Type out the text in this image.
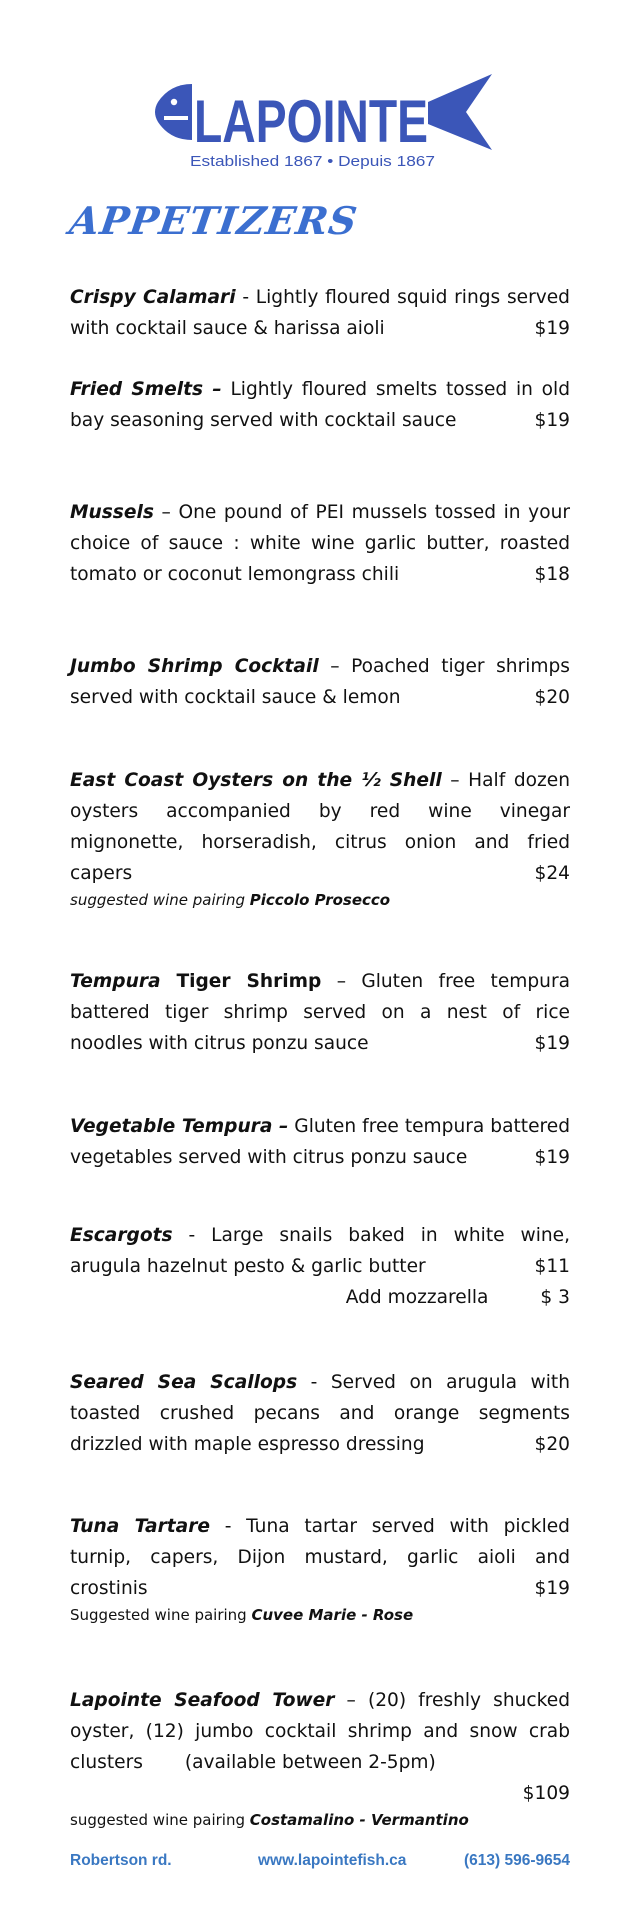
LAPOINTE
Established 1867 • Depuis 1867
APPETIZERS
Crispy Calamari - Lightly floured squid rings served with cocktail sauce & harissa aioli	$19
Fried Smelts – Lightly floured smelts tossed in old bay seasoning served with cocktail sauce	$19
Mussels – One pound of PEI mussels tossed in your choice of sauce : white wine garlic butter, roasted tomato or coconut lemongrass chili	$18
Jumbo Shrimp Cocktail – Poached tiger shrimps served with cocktail sauce & lemon	$20
East Coast Oysters on the ½ Shell – Half dozen oysters accompanied by red wine vinegar mignonette, horseradish, citrus onion and fried capers	$24
suggested wine pairing Piccolo Prosecco
Tempura Tiger Shrimp – Gluten free tempura battered tiger shrimp served on a nest of rice noodles with citrus ponzu sauce	$19
Vegetable Tempura – Gluten free tempura battered vegetables served with citrus ponzu sauce	$19
Escargots - Large snails baked in white wine, arugula hazelnut pesto & garlic butter	$11
Add mozzarella	$ 3
Seared Sea Scallops - Served on arugula with toasted crushed pecans and orange segments drizzled with maple espresso dressing	$20
Tuna Tartare - Tuna tartar served with pickled turnip, capers, Dijon mustard, garlic aioli and crostinis	$19
Suggested wine pairing Cuvee Marie - Rose
Lapointe Seafood Tower – (20) freshly shucked oyster, (12) jumbo cocktail shrimp and snow crab clusters (available between 2-5pm)
$109
suggested wine pairing Costamalino - Vermantino
Robertson rd.	www.lapointefish.ca	(613) 596-9654
